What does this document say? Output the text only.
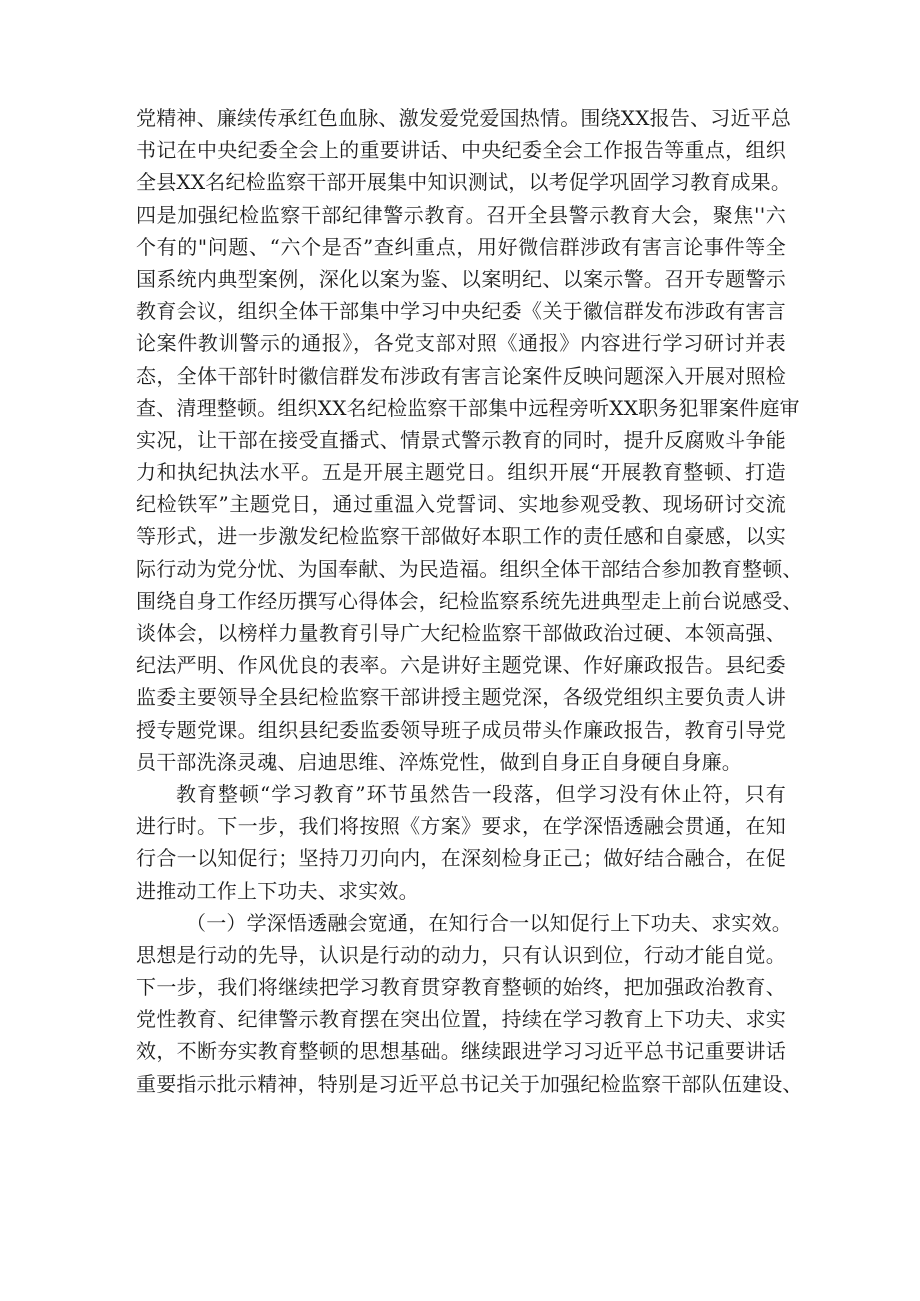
党精神、廉续传承红色血脉、激发爱党爱国热情。围绕XX报告、习近平总
书记在中央纪委全会上的重要讲话、中央纪委全会工作报告等重点，组织
全县XX名纪检监察干部开展集中知识测试，以考促学巩固学习教育成果。
四是加强纪检监察干部纪律警示教育。召开全县警示教育大会，聚焦''六
个有的"问题、“六个是否”查纠重点，用好微信群涉政有害言论事件等全
国系统内典型案例，深化以案为鉴、以案明纪、以案示警。召开专题警示
教育会议，组织全体干部集中学习中央纪委《关于徽信群发布涉政有害言
论案件教训警示的通报》，各党支部对照《通报》内容进行学习研讨并表
态，全体干部针时徽信群发布涉政有害言论案件反映问题深入开展对照检
查、清理整顿。组织XX名纪检监察干部集中远程旁听XX职务犯罪案件庭审
实况，让干部在接受直播式、情景式警示教育的同时，提升反腐败斗争能
力和执纪执法水平。五是开展主题党日。组织开展“开展教育整顿、打造
纪检铁军”主题党日，通过重温入党誓词、实地参观受教、现场研讨交流
等形式，进一步激发纪检监察干部做好本职工作的责任感和自豪感，以实
际行动为党分忧、为国奉献、为民造福。组织全体干部结合参加教育整顿、
围绕自身工作经历撰写心得体会，纪检监察系统先进典型走上前台说感受、
谈体会，以榜样力量教育引导广大纪检监察干部做政治过硬、本领高强、
纪法严明、作风优良的表率。六是讲好主题党课、作好廉政报告。县纪委
监委主要领导全县纪检监察干部讲授主题党深，各级党组织主要负责人讲
授专题党课。组织县纪委监委领导班子成员带头作廉政报告，教育引导党
员干部洗涤灵魂、启迪思维、淬炼党性，做到自身正自身硬自身廉。
教育整顿“学习教育”环节虽然告一段落，但学习没有休止符，只有
进行时。下一步，我们将按照《方案》要求，在学深悟透融会贯通，在知
行合一以知促行；坚持刀刃向内，在深刻检身正己；做好结合融合，在促
进推动工作上下功夫、求实效。
（一）学深悟透融会宽通，在知行合一以知促行上下功夫、求实效。
思想是行动的先导，认识是行动的动力，只有认识到位，行动才能自觉。
下一步，我们将继续把学习教育贯穿教育整顿的始终，把加强政治教育、
党性教育、纪律警示教育摆在突出位置，持续在学习教育上下功夫、求实
效，不断夯实教育整顿的思想基础。继续跟进学习习近平总书记重要讲话
重要指示批示精神，特别是习近平总书记关于加强纪检监察干部队伍建设、
